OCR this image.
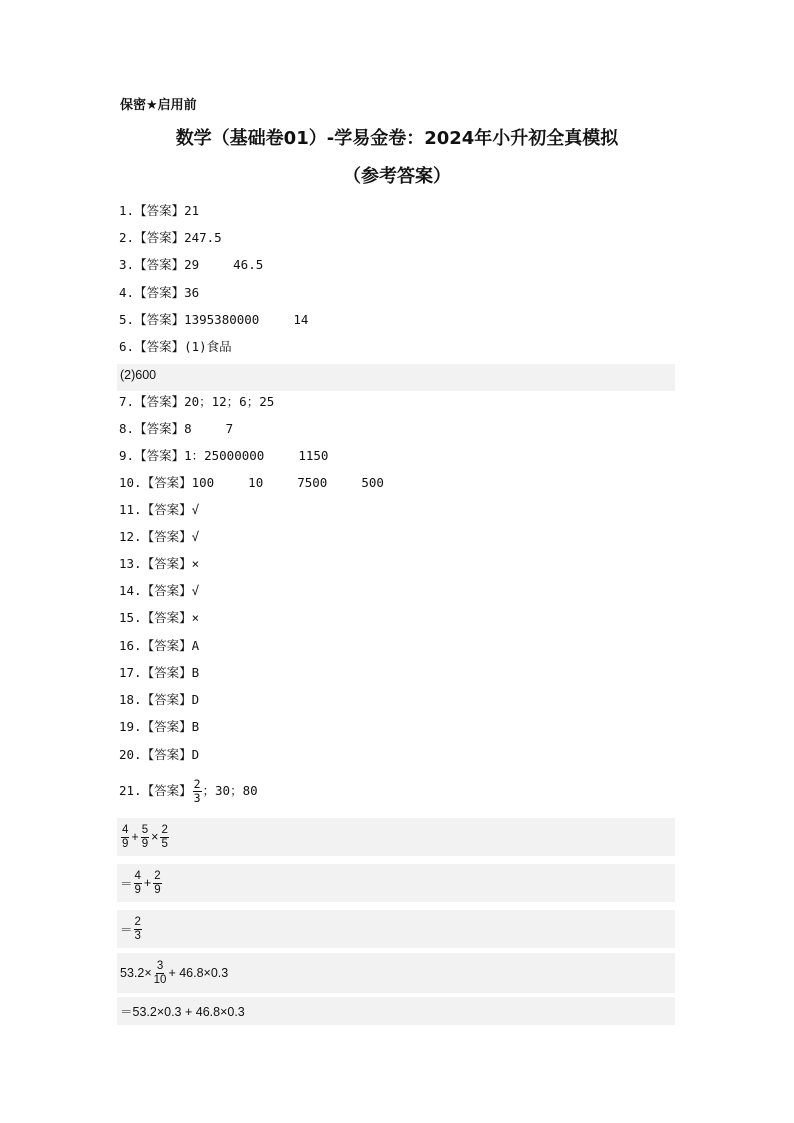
保密★启用前
数学（基础卷01）-学易金卷：2024年小升初全真模拟
（参考答案）
1.【答案】21
2.【答案】247.5
3.【答案】29	46.5
4.【答案】36
5.【答案】1395380000	14
6.【答案】(1)食品
(2)600
7.【答案】20；12；6；25
8.【答案】8	7
9.【答案】1：25000000	1150
10.【答案】100	10	7500	500
11.【答案】√
12.【答案】√
13.【答案】×
14.【答案】√
15.【答案】×
16.【答案】A
17.【答案】B
18.【答案】D
19.【答案】B
20.【答案】D
21. 【答案】 $\frac{2}{3}$ ；30；80
$\frac{4}{9} + \frac{5}{9} \times \frac{2}{5}$
＝ $\frac{4}{9} + \frac{2}{9}$
＝ $\frac{2}{3}$
$53.2\times \frac{3}{10} + 46.8\times 0.3$
＝53.2×0.3 + 46.8×0.3
